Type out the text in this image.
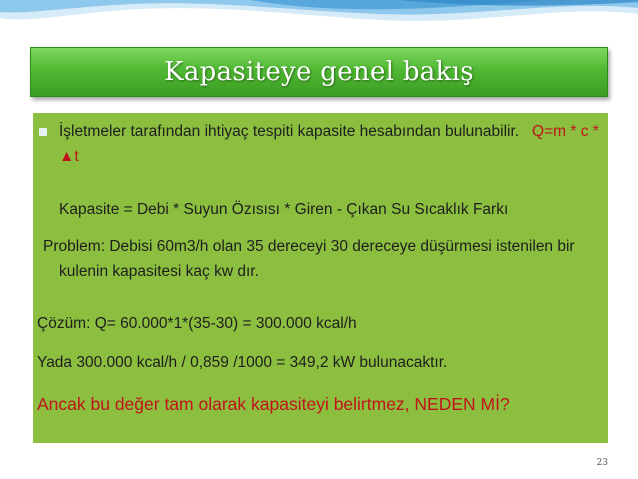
Kapasiteye genel bakış
İşletmeler tarafından ihtiyaç tespiti kapasite hesabından bulunabilir. Q=m * c * ▲t
Kapasite = Debi * Suyun Özısısı * Giren - Çıkan Su Sıcaklık Farkı
Problem: Debisi 60m3/h olan 35 dereceyi 30 dereceye düşürmesi istenilen bir kulenin kapasitesi kaç kw dır.
Çözüm: Q= 60.000*1*(35-30) = 300.000 kcal/h
Yada 300.000 kcal/h / 0,859 /1000 = 349,2 kW bulunacaktır.
Ancak bu değer tam olarak kapasiteyi belirtmez, NEDEN Mİ?
23
